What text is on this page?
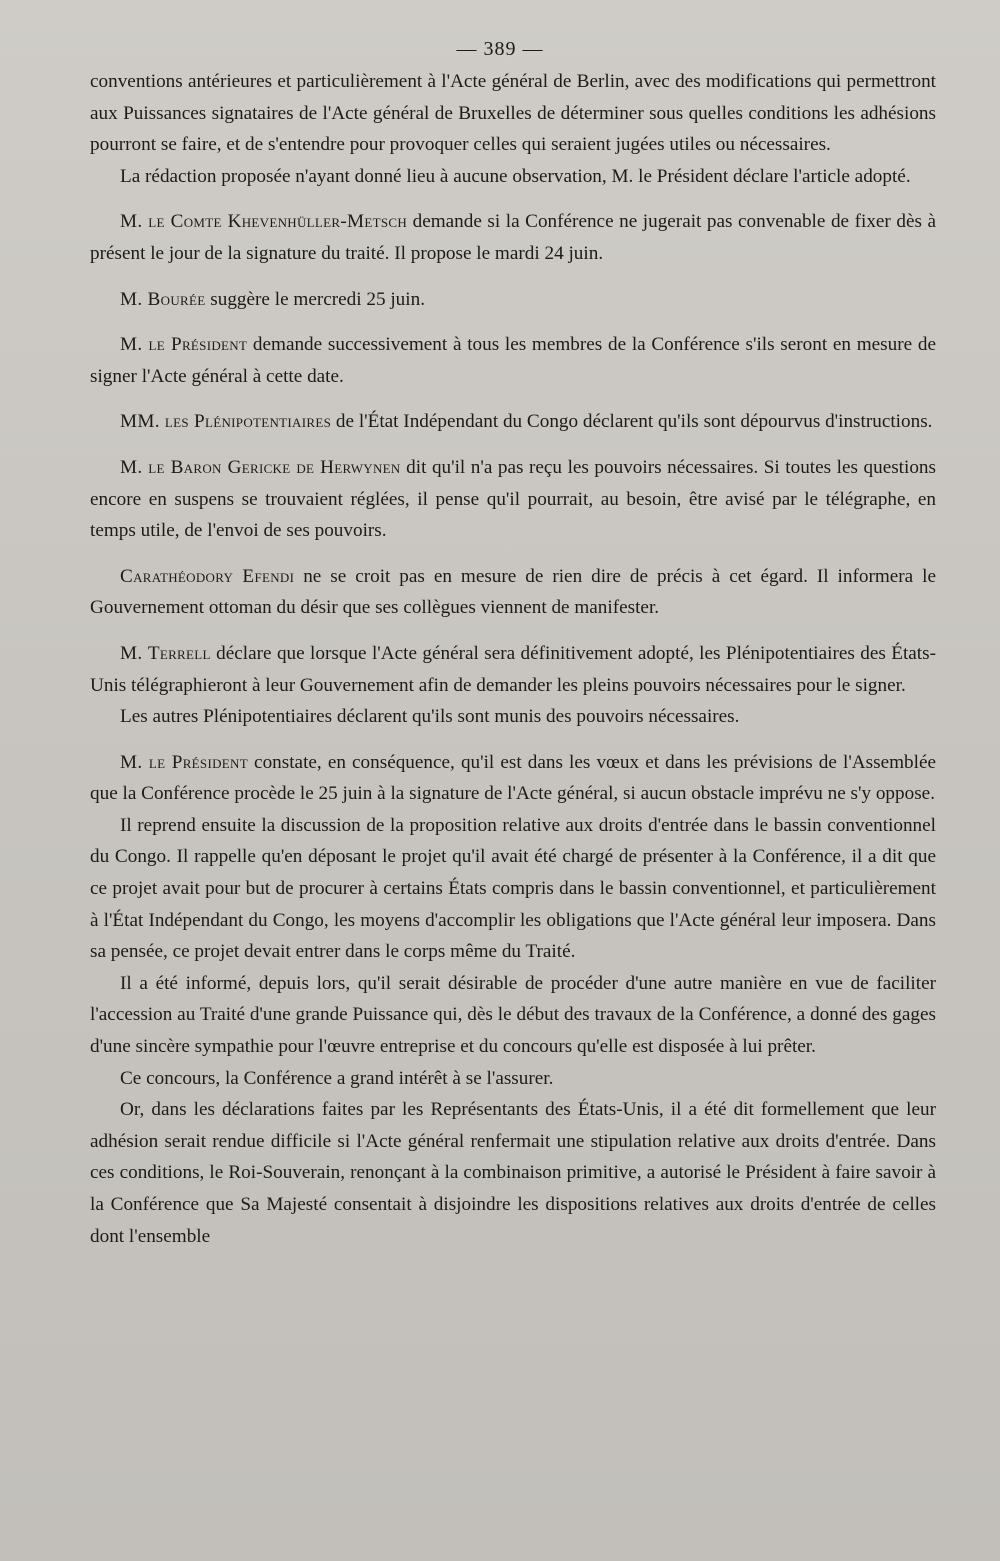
— 389 —

conventions antérieures et particulièrement à l'Acte général de Berlin, avec des modifications qui permettront aux Puissances signataires de l'Acte général de Bruxelles de déterminer sous quelles conditions les adhésions pourront se faire, et de s'entendre pour provoquer celles qui seraient jugées utiles ou nécessaires.

La rédaction proposée n'ayant donné lieu à aucune observation, M. le Président déclare l'article adopté.

M. le Comte Khevenhüller-Metsch demande si la Conférence ne jugerait pas convenable de fixer dès à présent le jour de la signature du traité. Il propose le mardi 24 juin.

M. Bourée suggère le mercredi 25 juin.

M. le Président demande successivement à tous les membres de la Conférence s'ils seront en mesure de signer l'Acte général à cette date.

MM. les Plénipotentiaires de l'État Indépendant du Congo déclarent qu'ils sont dépourvus d'instructions.

M. le Baron Gericke de Herwynen dit qu'il n'a pas reçu les pouvoirs nécessaires. Si toutes les questions encore en suspens se trouvaient réglées, il pense qu'il pourrait, au besoin, être avisé par le télégraphe, en temps utile, de l'envoi de ses pouvoirs.

Carathéodory Efendi ne se croit pas en mesure de rien dire de précis à cet égard. Il informera le Gouvernement ottoman du désir que ses collègues viennent de manifester.

M. Terrell déclare que lorsque l'Acte général sera définitivement adopté, les Plénipotentiaires des États-Unis télégraphieront à leur Gouvernement afin de demander les pleins pouvoirs nécessaires pour le signer.

Les autres Plénipotentiaires déclarent qu'ils sont munis des pouvoirs nécessaires.

M. le Président constate, en conséquence, qu'il est dans les vœux et dans les prévisions de l'Assemblée que la Conférence procède le 25 juin à la signature de l'Acte général, si aucun obstacle imprévu ne s'y oppose.

Il reprend ensuite la discussion de la proposition relative aux droits d'entrée dans le bassin conventionnel du Congo. Il rappelle qu'en déposant le projet qu'il avait été chargé de présenter à la Conférence, il a dit que ce projet avait pour but de procurer à certains États compris dans le bassin conventionnel, et particulièrement à l'État Indépendant du Congo, les moyens d'accomplir les obligations que l'Acte général leur imposera. Dans sa pensée, ce projet devait entrer dans le corps même du Traité.

Il a été informé, depuis lors, qu'il serait désirable de procéder d'une autre manière en vue de faciliter l'accession au Traité d'une grande Puissance qui, dès le début des travaux de la Conférence, a donné des gages d'une sincère sympathie pour l'œuvre entreprise et du concours qu'elle est disposée à lui prêter.

Ce concours, la Conférence a grand intérêt à se l'assurer.

Or, dans les déclarations faites par les Représentants des États-Unis, il a été dit formellement que leur adhésion serait rendue difficile si l'Acte général renfermait une stipulation relative aux droits d'entrée. Dans ces conditions, le Roi-Souverain, renonçant à la combinaison primitive, a autorisé le Président à faire savoir à la Conférence que Sa Majesté consentait à disjoindre les dispositions relatives aux droits d'entrée de celles dont l'ensemble
